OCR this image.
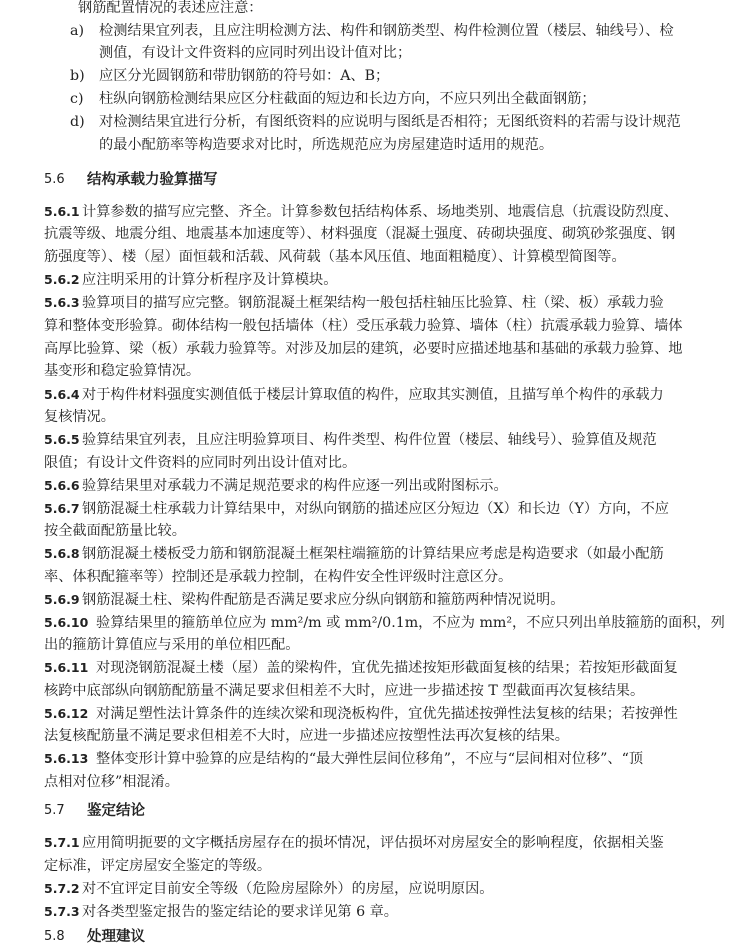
钢筋配置情况的表述应注意：
a) 检测结果宜列表，且应注明检测方法、构件和钢筋类型、构件检测位置（楼层、轴线号）、检
测值，有设计文件资料的应同时列出设计值对比；
b) 应区分光圆钢筋和带肋钢筋的符号如：A、B；
c) 柱纵向钢筋检测结果应区分柱截面的短边和长边方向，不应只列出全截面钢筋；
d) 对检测结果宜进行分析，有图纸资料的应说明与图纸是否相符；无图纸资料的若需与设计规范
的最小配筋率等构造要求对比时，所选规范应为房屋建造时适用的规范。
5.6 结构承载力验算描写
5.6.1 计算参数的描写应完整、齐全。计算参数包括结构体系、场地类别、地震信息（抗震设防烈度、
抗震等级、地震分组、地震基本加速度等）、材料强度（混凝土强度、砖砌块强度、砌筑砂浆强度、钢
筋强度等）、楼（屋）面恒载和活载、风荷载（基本风压值、地面粗糙度）、计算模型简图等。
5.6.2 应注明采用的计算分析程序及计算模块。
5.6.3 验算项目的描写应完整。钢筋混凝土框架结构一般包括柱轴压比验算、柱（梁、板）承载力验
算和整体变形验算。砌体结构一般包括墙体（柱）受压承载力验算、墙体（柱）抗震承载力验算、墙体
高厚比验算、梁（板）承载力验算等。对涉及加层的建筑，必要时应描述地基和基础的承载力验算、地
基变形和稳定验算情况。
5.6.4 对于构件材料强度实测值低于楼层计算取值的构件，应取其实测值，且描写单个构件的承载力
复核情况。
5.6.5 验算结果宜列表，且应注明验算项目、构件类型、构件位置（楼层、轴线号）、验算值及规范
限值；有设计文件资料的应同时列出设计值对比。
5.6.6 验算结果里对承载力不满足规范要求的构件应逐一列出或附图标示。
5.6.7 钢筋混凝土柱承载力计算结果中，对纵向钢筋的描述应区分短边（X）和长边（Y）方向，不应
按全截面配筋量比较。
5.6.8 钢筋混凝土楼板受力筋和钢筋混凝土框架柱端箍筋的计算结果应考虑是构造要求（如最小配筋
率、体积配箍率等）控制还是承载力控制，在构件安全性评级时注意区分。
5.6.9 钢筋混凝土柱、梁构件配筋是否满足要求应分纵向钢筋和箍筋两种情况说明。
5.6.10 验算结果里的箍筋单位应为 mm²/m 或 mm²/0.1m，不应为 mm²，不应只列出单肢箍筋的面积，列
出的箍筋计算值应与采用的单位相匹配。
5.6.11 对现浇钢筋混凝土楼（屋）盖的梁构件，宜优先描述按矩形截面复核的结果；若按矩形截面复
核跨中底部纵向钢筋配筋量不满足要求但相差不大时，应进一步描述按 T 型截面再次复核结果。
5.6.12 对满足塑性法计算条件的连续次梁和现浇板构件，宜优先描述按弹性法复核的结果；若按弹性
法复核配筋量不满足要求但相差不大时，应进一步描述应按塑性法再次复核的结果。
5.6.13 整体变形计算中验算的应是结构的“最大弹性层间位移角”，不应与“层间相对位移”、“顶
点相对位移”相混淆。
5.7 鉴定结论
5.7.1 应用简明扼要的文字概括房屋存在的损坏情况，评估损坏对房屋安全的影响程度，依据相关鉴
定标准，评定房屋安全鉴定的等级。
5.7.2 对不宜评定目前安全等级（危险房屋除外）的房屋，应说明原因。
5.7.3 对各类型鉴定报告的鉴定结论的要求详见第 6 章。
5.8 处理建议
